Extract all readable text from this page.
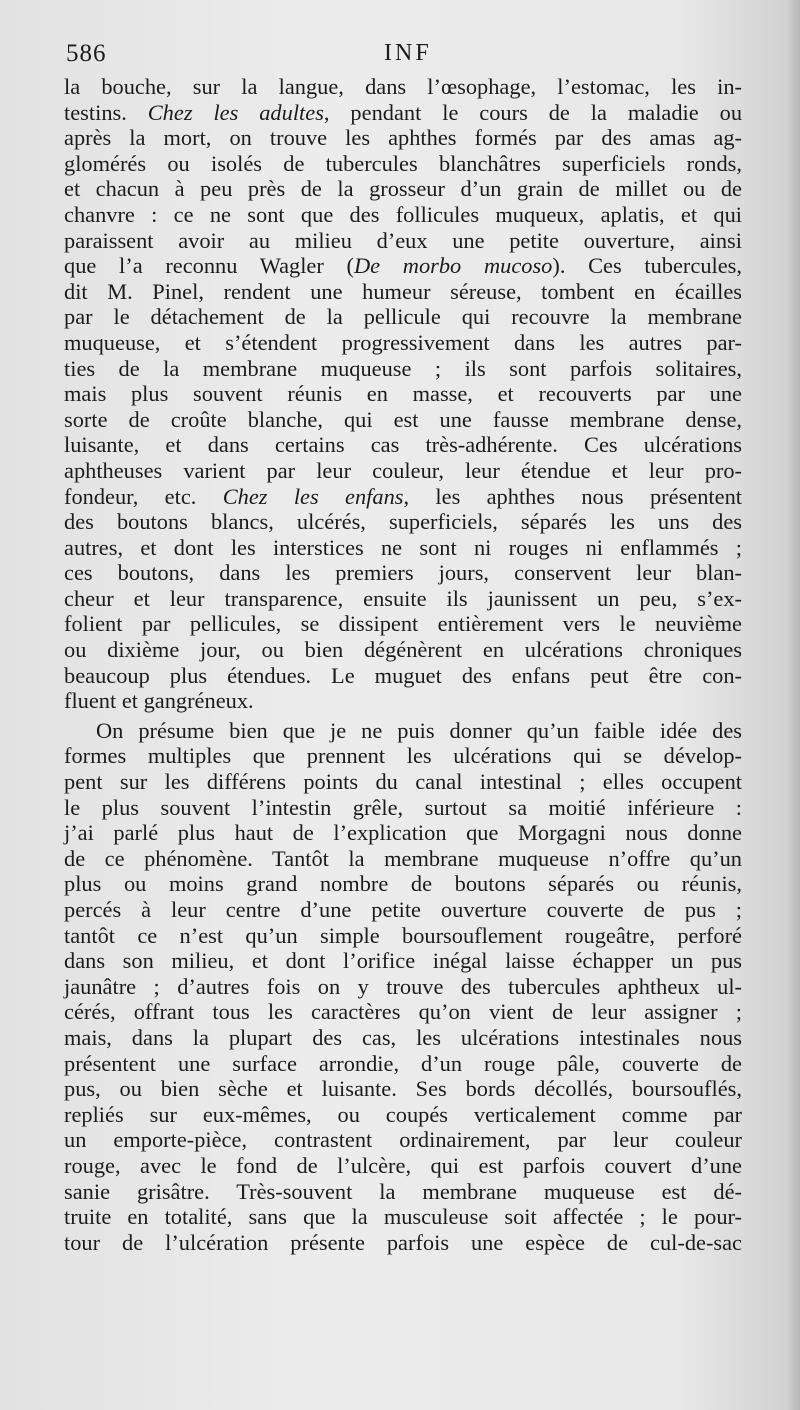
586	INF
la bouche, sur la langue, dans l’œsophage, l’estomac, les in-
testins. Chez les adultes, pendant le cours de la maladie ou
après la mort, on trouve les aphthes formés par des amas ag-
glomérés ou isolés de tubercules blanchâtres superficiels ronds,
et chacun à peu près de la grosseur d’un grain de millet ou de
chanvre : ce ne sont que des follicules muqueux, aplatis, et qui
paraissent avoir au milieu d’eux une petite ouverture, ainsi
que l’a reconnu Wagler (De morbo mucoso). Ces tubercules,
dit M. Pinel, rendent une humeur séreuse, tombent en écailles
par le détachement de la pellicule qui recouvre la membrane
muqueuse, et s’étendent progressivement dans les autres par-
ties de la membrane muqueuse ; ils sont parfois solitaires,
mais plus souvent réunis en masse, et recouverts par une
sorte de croûte blanche, qui est une fausse membrane dense,
luisante, et dans certains cas très-adhérente. Ces ulcérations
aphtheuses varient par leur couleur, leur étendue et leur pro-
fondeur, etc. Chez les enfans, les aphthes nous présentent
des boutons blancs, ulcérés, superficiels, séparés les uns des
autres, et dont les interstices ne sont ni rouges ni enflammés ;
ces boutons, dans les premiers jours, conservent leur blan-
cheur et leur transparence, ensuite ils jaunissent un peu, s’ex-
folient par pellicules, se dissipent entièrement vers le neuvième
ou dixième jour, ou bien dégénèrent en ulcérations chroniques
beaucoup plus étendues. Le muguet des enfans peut être con-
fluent et gangréneux.
On présume bien que je ne puis donner qu’un faible idée des
formes multiples que prennent les ulcérations qui se dévelop-
pent sur les différens points du canal intestinal ; elles occupent
le plus souvent l’intestin grêle, surtout sa moitié inférieure :
j’ai parlé plus haut de l’explication que Morgagni nous donne
de ce phénomène. Tantôt la membrane muqueuse n’offre qu’un
plus ou moins grand nombre de boutons séparés ou réunis,
percés à leur centre d’une petite ouverture couverte de pus ;
tantôt ce n’est qu’un simple boursouflement rougeâtre, perforé
dans son milieu, et dont l’orifice inégal laisse échapper un pus
jaunâtre ; d’autres fois on y trouve des tubercules aphtheux ul-
cérés, offrant tous les caractères qu’on vient de leur assigner ;
mais, dans la plupart des cas, les ulcérations intestinales nous
présentent une surface arrondie, d’un rouge pâle, couverte de
pus, ou bien sèche et luisante. Ses bords décollés, boursouflés,
repliés sur eux-mêmes, ou coupés verticalement comme par
un emporte-pièce, contrastent ordinairement, par leur couleur
rouge, avec le fond de l’ulcère, qui est parfois couvert d’une
sanie grisâtre. Très-souvent la membrane muqueuse est dé-
truite en totalité, sans que la musculeuse soit affectée ; le pour-
tour de l’ulcération présente parfois une espèce de cul-de-sac
